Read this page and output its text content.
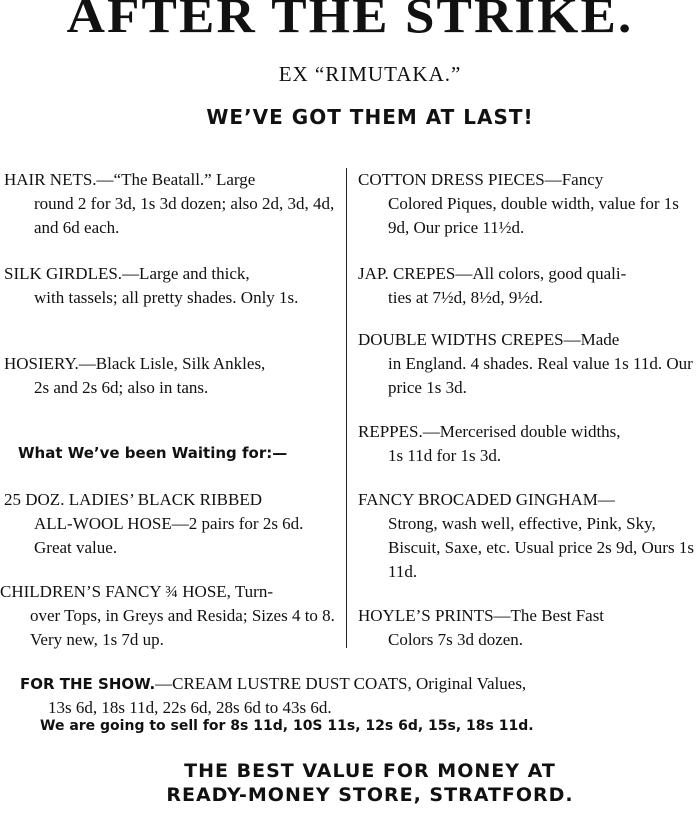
AFTER THE STRIKE.
EX “RIMUTAKA.”
WE’VE GOT THEM AT LAST!
HAIR NETS.—“The Beatall.” Large
round 2 for 3d, 1s 3d dozen; also 2d, 3d, 4d, and 6d each.
SILK GIRDLES.—Large and thick,
with tassels; all pretty shades. Only 1s.
HOSIERY.—Black Lisle, Silk Ankles,
2s and 2s 6d; also in tans.
What We’ve been Waiting for:—
25 DOZ. LADIES’ BLACK RIBBED
ALL-WOOL HOSE—2 pairs for 2s 6d. Great value.
CHILDREN’S FANCY ¾ HOSE, Turn-
over Tops, in Greys and Resida; Sizes 4 to 8. Very new, 1s 7d up.
COTTON DRESS PIECES—Fancy
Colored Piques, double width, value for 1s 9d, Our price 11½d.
JAP. CREPES—All colors, good quali-
ties at 7½d, 8½d, 9½d.
DOUBLE WIDTHS CREPES—Made
in England. 4 shades. Real value 1s 11d. Our price 1s 3d.
REPPES.—Mercerised double widths,
1s 11d for 1s 3d.
FANCY BROCADED GINGHAM—
Strong, wash well, effective, Pink, Sky, Biscuit, Saxe, etc. Usual price 2s 9d, Ours 1s 11d.
HOYLE’S PRINTS—The Best Fast
Colors 7s 3d dozen.
FOR THE SHOW.—CREAM LUSTRE DUST COATS, Original Values,
13s 6d, 18s 11d, 22s 6d, 28s 6d to 43s 6d.
We are going to sell for 8s 11d, 10S 11s, 12s 6d, 15s, 18s 11d.
THE BEST VALUE FOR MONEY AT
READY-MONEY STORE, STRATFORD.
